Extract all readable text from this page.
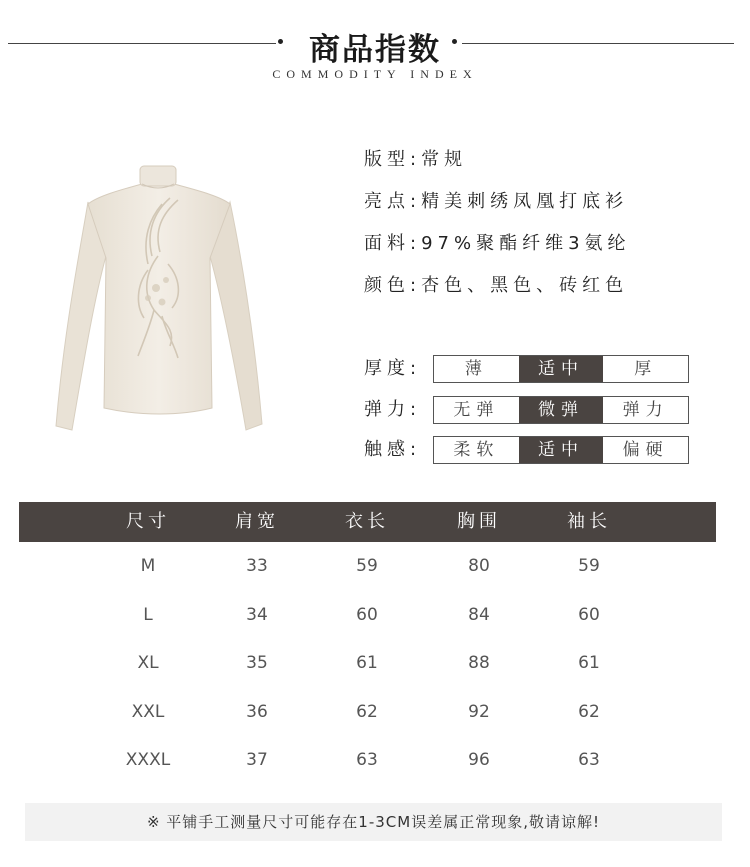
商品指数
COMMODITY INDEX
版型:常规
亮点:精美刺绣凤凰打底衫
面料:97%聚酯纤维3氨纶
颜色:杏色、黑色、砖红色
厚度:	薄	适中	厚
弹力:	无弹	微弹	弹力
触感:	柔软	适中	偏硬
尺寸	肩宽	衣长	胸围	袖长
M	33	59	80	59
L	34	60	84	60
XL	35	61	88	61
XXL	36	62	92	62
XXXL	37	63	96	63
※ 平铺手工测量尺寸可能存在1-3CM误差属正常现象,敬请谅解!
